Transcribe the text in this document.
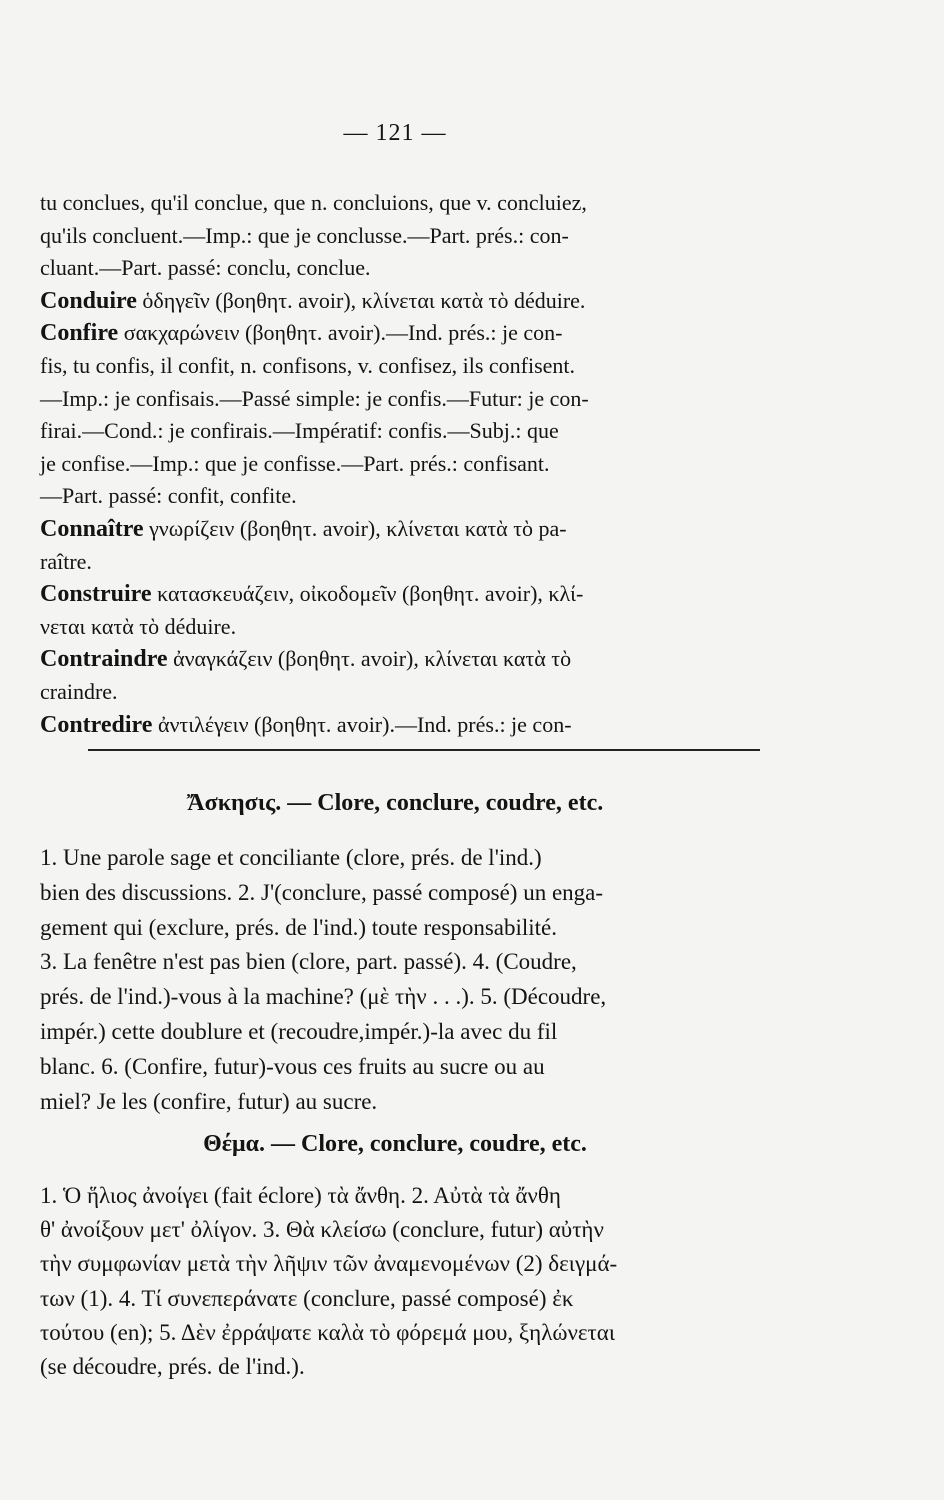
— 121 —
tu conclues, qu'il conclue, que n. concluions, que v. concluiez,
qu'ils concluent.—Imp.: que je conclusse.—Part. prés.: con-
cluant.—Part. passé: conclu, conclue.
Conduire ὁδηγεῖν (βοηθητ. avoir), κλίνεται κατὰ τὸ déduire.
Confire σακχαρώνειν (βοηθητ. avoir).—Ind. prés.: je con-
fis, tu confis, il confit, n. confisons, v. confisez, ils confisent.
—Imp.: je confisais.—Passé simple: je confis.—Futur: je con-
firai.—Cond.: je confirais.—Impératif: confis.—Subj.: que
je confise.—Imp.: que je confisse.—Part. prés.: confisant.
—Part. passé: confit, confite.
Connaître γνωρίζειν (βοηθητ. avoir), κλίνεται κατὰ τὸ pa-
raître.
Construire κατασκευάζειν, οἰκοδομεῖν (βοηθητ. avoir), κλί-
νεται κατὰ τὸ déduire.
Contraindre ἀναγκάζειν (βοηθητ. avoir), κλίνεται κατὰ τὸ
craindre.
Contredire ἀντιλέγειν (βοηθητ. avoir).—Ind. prés.: je con-
Ἄσκησις. — Clore, conclure, coudre, etc.
1. Une parole sage et conciliante (clore, prés. de l'ind.)
bien des discussions. 2. J'(conclure, passé composé) un enga-
gement qui (exclure, prés. de l'ind.) toute responsabilité.
3. La fenêtre n'est pas bien (clore, part. passé). 4. (Coudre,
prés. de l'ind.)-vous à la machine? (μὲ τὴν . . .). 5. (Découdre,
impér.) cette doublure et (recoudre,impér.)-la avec du fil
blanc. 6. (Confire, futur)-vous ces fruits au sucre ou au
miel? Je les (confire, futur) au sucre.
Θέμα. — Clore, conclure, coudre, etc.
1. Ὁ ἥλιος ἀνοίγει (fait éclore) τὰ ἄνθη. 2. Αὐτὰ τὰ ἄνθη
θ' ἀνοίξουν μετ' ὀλίγον. 3. Θὰ κλείσω (conclure, futur) αὐτὴν
τὴν συμφωνίαν μετὰ τὴν λῆψιν τῶν ἀναμενομένων (2) δειγμά-
των (1). 4. Τί συνεπεράνατε (conclure, passé composé) ἐκ
τούτου (en); 5. Δὲν ἐρράψατε καλὰ τὸ φόρεμά μου, ξηλώνεται
(se découdre, prés. de l'ind.).
